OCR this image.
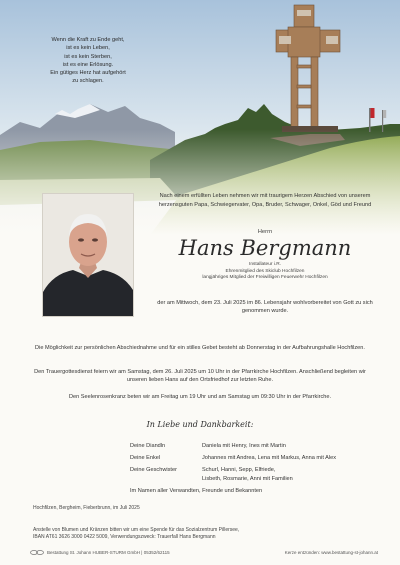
Wenn die Kraft zu Ende geht,
ist es kein Leben,
ist es kein Sterben,
ist es eine Erlösung.
Ein gütiges Herz hat aufgehört
zu schlagen.
Nach einem erfüllten Leben nehmen wir mit traurigem Herzen Abschied von unserem herzensguten Papa, Schwiegervater, Opa, Bruder, Schwager, Onkel, Göd und Freund
Herrn
Hans Bergmann
Installateur i.R.
Ehrenmitglied des Skiclub Hochfilzen
langjähriges Mitglied der Freiwilligen Feuerwehr Hochfilzen
der am Mittwoch, dem 23. Juli 2025 im 86. Lebensjahr wohlvorbereitet von Gott zu sich genommen wurde.
Die Möglichkeit zur persönlichen Abschiednahme und für ein stilles Gebet besteht ab Donnerstag in der Aufbahrungshalle Hochfilzen.
Den Trauergottesdienst feiern wir am Samstag, dem 26. Juli 2025 um 10 Uhr in der Pfarrkirche Hochfilzen. Anschließend begleiten wir unseren lieben Hans auf den Ortsfriedhof zur letzten Ruhe.
Den Seelenrosenkranz beten wir am Freitag um 19 Uhr und am Samstag um 09:30 Uhr in der Pfarrkirche.
In Liebe und Dankbarkeit:
Deine Diandln	Daniela mit Henry, Ines mit Martin
Deine Enkel	Johannes mit Andrea, Lena mit Markus, Anna mit Alex
Deine Geschwister	Schurl, Hanni, Sepp, Elfriede,
Lisbeth, Rosmarie, Anni mit Familien
Im Namen aller Verwandten, Freunde und Bekannten
Hochfilzen, Bergheim, Fieberbrunn, im Juli 2025
Anstelle von Blumen und Kränzen bitten wir um eine Spende für das Sozialzentrum Pillersee,
IBAN AT61 3626 3000 0422 5009, Verwendungszweck: Trauerfall Hans Bergmann
Bestattung St. Johann HUBER-STURM GmbH | 05352/62115	Kerze entzünden: www.bestattung-st-johann.at
